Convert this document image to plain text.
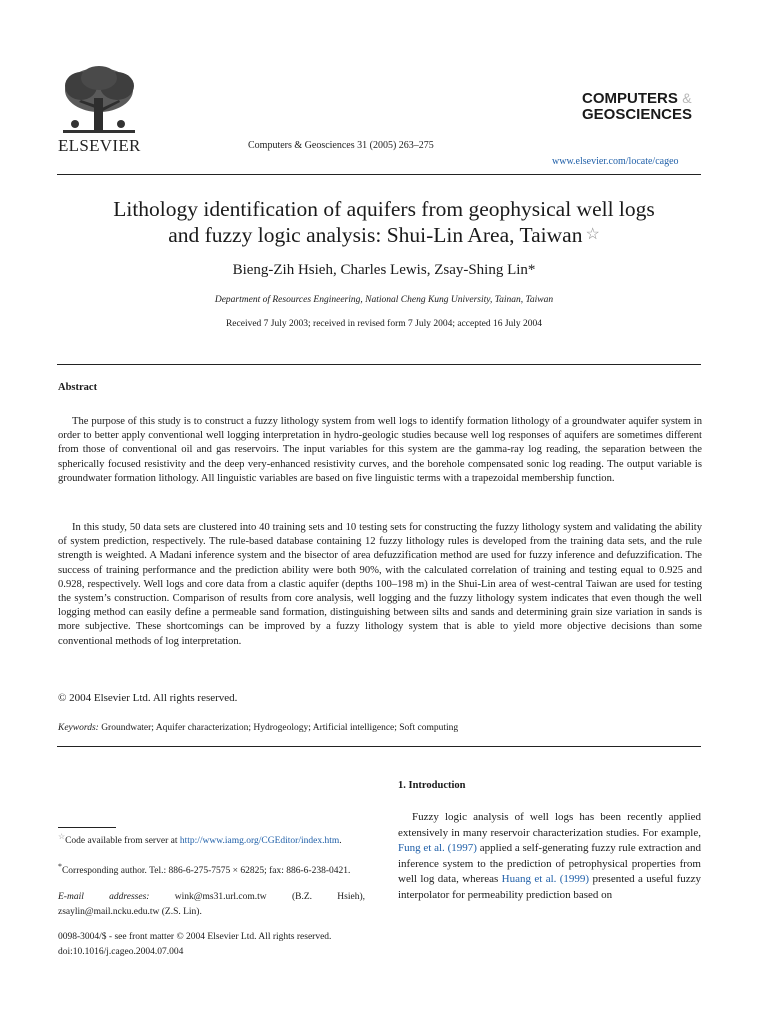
ELSEVIER	Computers & Geosciences 31 (2005) 263–275
COMPUTERS &
GEOSCIENCES
www.elsevier.com/locate/cageo
Lithology identification of aquifers from geophysical well logs
and fuzzy logic analysis: Shui-Lin Area, Taiwan ☆
Bieng-Zih Hsieh, Charles Lewis, Zsay-Shing Lin*
Department of Resources Engineering, National Cheng Kung University, Tainan, Taiwan
Received 7 July 2003; received in revised form 7 July 2004; accepted 16 July 2004
Abstract

The purpose of this study is to construct a fuzzy lithology system from well logs to identify formation lithology of a groundwater aquifer system in order to better apply conventional well logging interpretation in hydro-geologic studies because well log responses of aquifers are sometimes different from those of conventional oil and gas reservoirs. The input variables for this system are the gamma-ray log reading, the separation between the spherically focused resistivity and the deep very-enhanced resistivity curves, and the borehole compensated sonic log reading. The output variable is groundwater formation lithology. All linguistic variables are based on five linguistic terms with a trapezoidal membership function.

In this study, 50 data sets are clustered into 40 training sets and 10 testing sets for constructing the fuzzy lithology system and validating the ability of system prediction, respectively. The rule-based database containing 12 fuzzy lithology rules is developed from the training data sets, and the rule strength is weighted. A Madani inference system and the bisector of area defuzzification method are used for fuzzy inference and defuzzification. The success of training performance and the prediction ability were both 90%, with the calculated correlation of training and testing equal to 0.925 and 0.928, respectively. Well logs and core data from a clastic aquifer (depths 100–198 m) in the Shui-Lin area of west-central Taiwan are used for testing the system’s construction. Comparison of results from core analysis, well logging and the fuzzy lithology system indicates that even though the well logging method can easily define a permeable sand formation, distinguishing between silts and sands and determining grain size variation in sands is more subjective. These shortcomings can be improved by a fuzzy lithology system that is able to yield more objective decisions than some conventional methods of log interpretation.

© 2004 Elsevier Ltd. All rights reserved.
Keywords: Groundwater; Aquifer characterization; Hydrogeology; Artificial intelligence; Soft computing
1. Introduction

Fuzzy logic analysis of well logs has been recently applied extensively in many reservoir characterization studies. For example, Fung et al. (1997) applied a self-generating fuzzy rule extraction and inference system to the prediction of petrophysical properties from well log data, whereas Huang et al. (1999) presented a useful fuzzy interpolator for permeability prediction based on

☆Code available from server at http://www.iamg.org/CGEditor/index.htm.

*Corresponding author. Tel.: 886-6-275-7575 × 62825; fax: 886-6-238-0421.

E-mail addresses: wink@ms31.url.com.tw (B.Z. Hsieh), zsaylin@mail.ncku.edu.tw (Z.S. Lin).

0098-3004/$ - see front matter © 2004 Elsevier Ltd. All rights reserved.
doi:10.1016/j.cageo.2004.07.004
